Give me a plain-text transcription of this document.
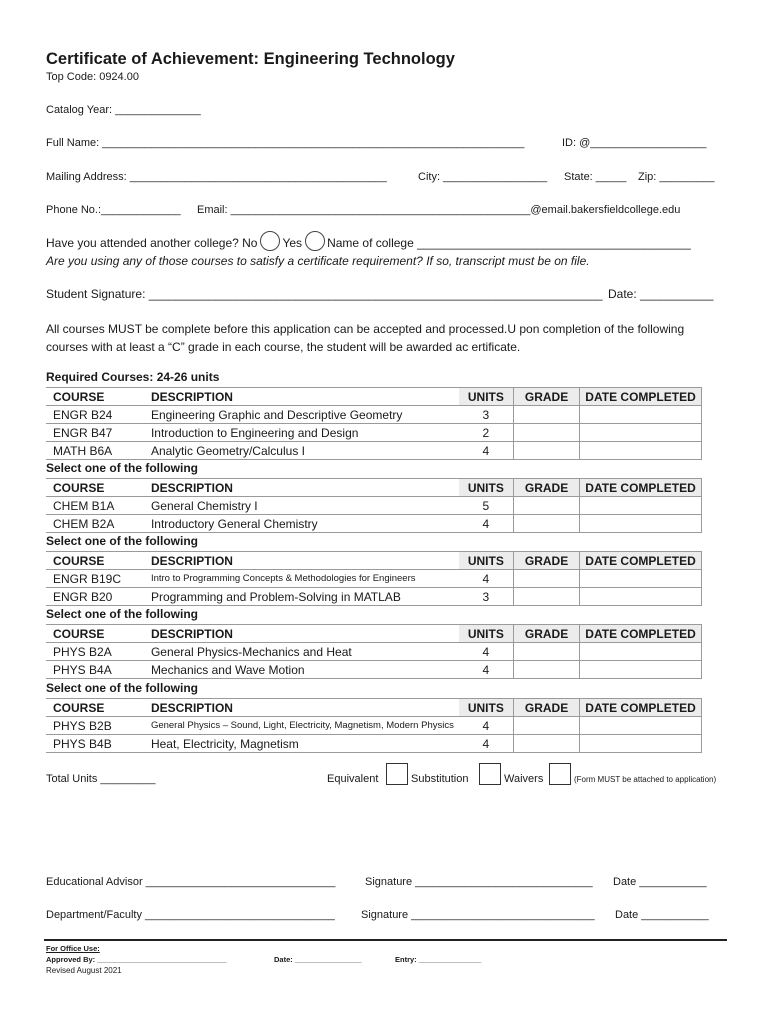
Certificate of Achievement: Engineering Technology
Top Code: 0924.00
Catalog Year: ______________
Full Name: _____________________________________________________________________	ID: @___________________
Mailing Address: __________________________________________	City: _________________ State: _____ Zip: _________
Phone No.:_____________ Email: _________________________________________________@email.bakersfieldcollege.edu
Have you attended another college? No Yes Name of college _________________________________________
Are you using any of those courses to satisfy a certificate requirement? If so, transcript must be on file.
Student Signature: ____________________________________________________________________ Date: ___________
All courses MUST be complete before this application can be accepted and processed.U pon completion of the following
courses with at least a “C” grade in each course, the student will be awarded ac ertificate.
Required Courses: 24-26 units
COURSE	DESCRIPTION	UNITS	GRADE	DATE COMPLETED
ENGR B24	Engineering Graphic and Descriptive Geometry	3		
ENGR B47	Introduction to Engineering and Design	2		
MATH B6A	Analytic Geometry/Calculus I	4		
Select one of the following
COURSE	DESCRIPTION	UNITS	GRADE	DATE COMPLETED
CHEM B1A	General Chemistry I	5		
CHEM B2A	Introductory General Chemistry	4		
Select one of the following
COURSE	DESCRIPTION	UNITS	GRADE	DATE COMPLETED
ENGR B19C	Intro to Programming Concepts & Methodologies for Engineers	4		
ENGR B20	Programming and Problem-Solving in MATLAB	3		
Select one of the following
COURSE	DESCRIPTION	UNITS	GRADE	DATE COMPLETED
PHYS B2A	General Physics-Mechanics and Heat	4		
PHYS B4A	Mechanics and Wave Motion	4		
Select one of the following
COURSE	DESCRIPTION	UNITS	GRADE	DATE COMPLETED
PHYS B2B	General Physics – Sound, Light, Electricity, Magnetism, Modern Physics	4		
PHYS B4B	Heat, Electricity, Magnetism	4		
Total Units _________	Equivalent	Substitution	Waivers	(Form MUST be attached to application)
Educational Advisor _______________________________	Signature _____________________________ Date ___________
Department/Faculty _______________________________ Signature ______________________________ Date ___________
For Office Use:
Approved By: _______________________________	Date: ________________	Entry: _______________
Revised August 2021
